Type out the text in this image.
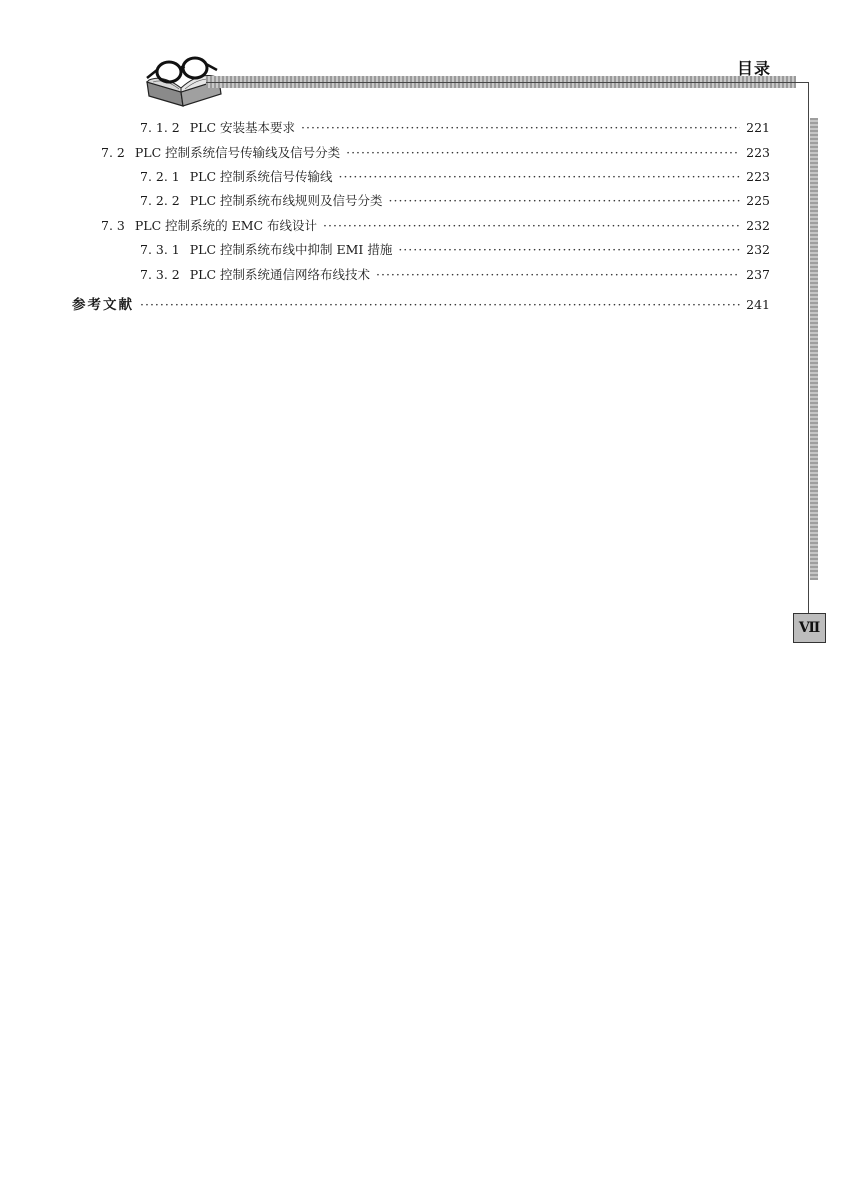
目录
7. 1. 2 PLC 安装基本要求 ·····	221
7. 2 PLC 控制系统信号传输线及信号分类 ·····	223
7. 2. 1 PLC 控制系统信号传输线 ·····	223
7. 2. 2 PLC 控制系统布线规则及信号分类 ·····	225
7. 3 PLC 控制系统的 EMC 布线设计 ·····	232
7. 3. 1 PLC 控制系统布线中抑制 EMI 措施 ·····	232
7. 3. 2 PLC 控制系统通信网络布线技术 ·····	237
参考文献 ·····	241
Ⅶ
